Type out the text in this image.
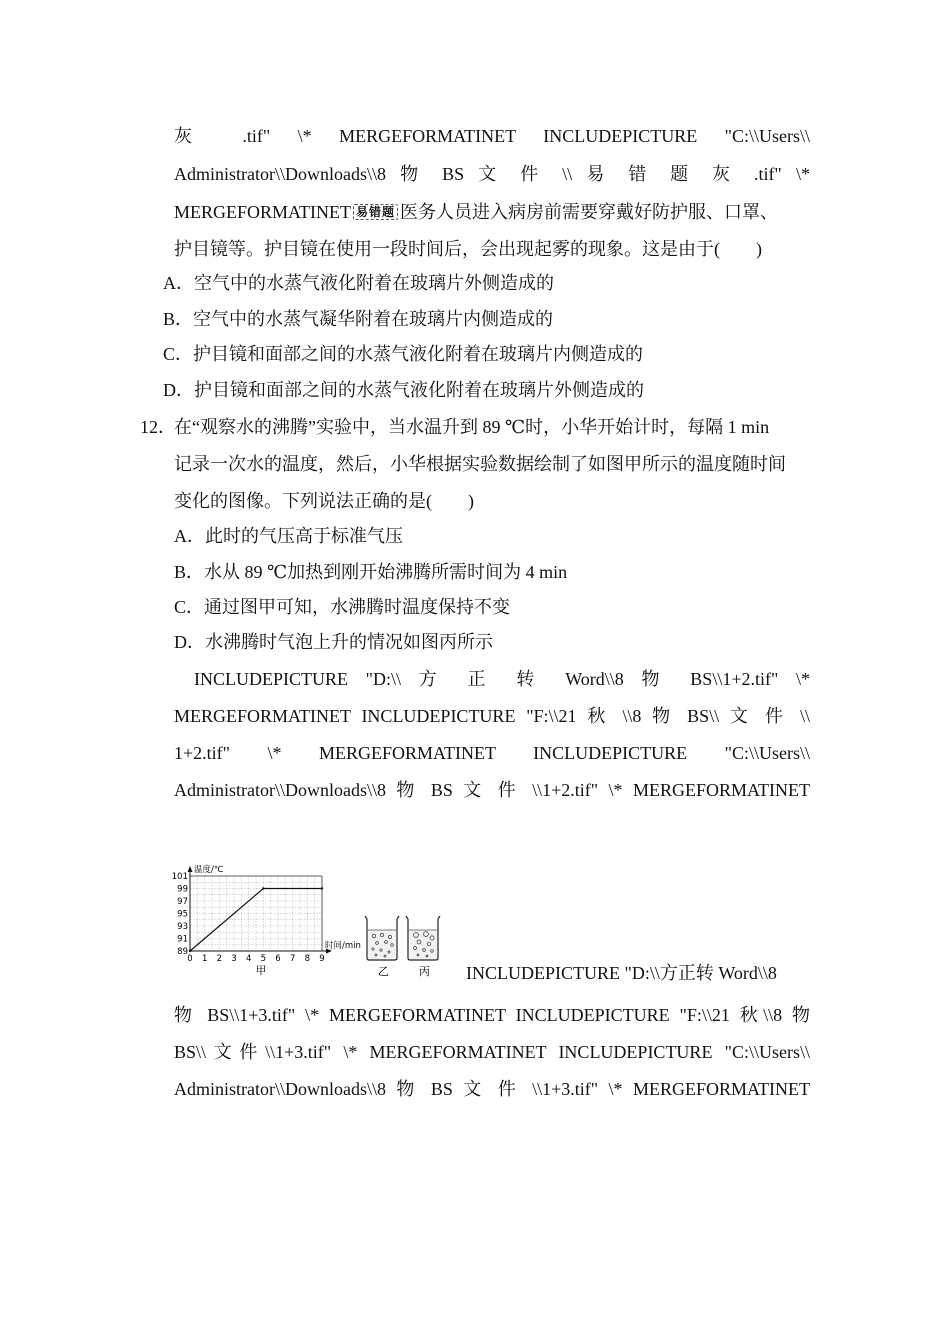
灰 .tif" \* MERGEFORMATINET INCLUDEPICTURE "C:\\Users\\
Administrator\\Downloads\\8 物 BS 文 件 \\ 易 错 题 灰 .tif" \*
MERGEFORMATINET 易错题 医务人员进入病房前需要穿戴好防护服、口罩、
护目镜等。护目镜在使用一段时间后，会出现起雾的现象。这是由于(　　)
A．空气中的水蒸气液化附着在玻璃片外侧造成的
B．空气中的水蒸气凝华附着在玻璃片内侧造成的
C．护目镜和面部之间的水蒸气液化附着在玻璃片内侧造成的
D．护目镜和面部之间的水蒸气液化附着在玻璃片外侧造成的
12．
在“观察水的沸腾”实验中，当水温升到 89 ℃时，小华开始计时，每隔 1 min
记录一次水的温度，然后，小华根据实验数据绘制了如图甲所示的温度随时间
变化的图像。下列说法正确的是(　　)
A．此时的气压高于标准气压
B．水从 89 ℃加热到刚开始沸腾所需时间为 4 min
C．通过图甲可知，水沸腾时温度保持不变
D．水沸腾时气泡上升的情况如图丙所示
INCLUDEPICTURE "D:\\ 方 正 转 Word\\8 物 BS\\1+2.tif" \*
MERGEFORMATINET INCLUDEPICTURE "F:\\21 秋 \\8 物 BS\\ 文 件 \\
1+2.tif" \* MERGEFORMATINET INCLUDEPICTURE "C:\\Users\\
Administrator\\Downloads\\8 物 BS 文 件 \\1+2.tif" \* MERGEFORMATINET
0 1 2 3 4 5 6 7 8 9
89
91
93
95
97
99
101
温度/℃
时间/min
甲	乙	丙 INCLUDEPICTURE "D:\\方正转 Word\\8
物 BS\\1+3.tif" \* MERGEFORMATINET INCLUDEPICTURE "F:\\21 秋\\8 物
BS\\文件\\1+3.tif" \* MERGEFORMATINET INCLUDEPICTURE "C:\\Users\\
Administrator\\Downloads\\8 物 BS 文 件 \\1+3.tif" \* MERGEFORMATINET
